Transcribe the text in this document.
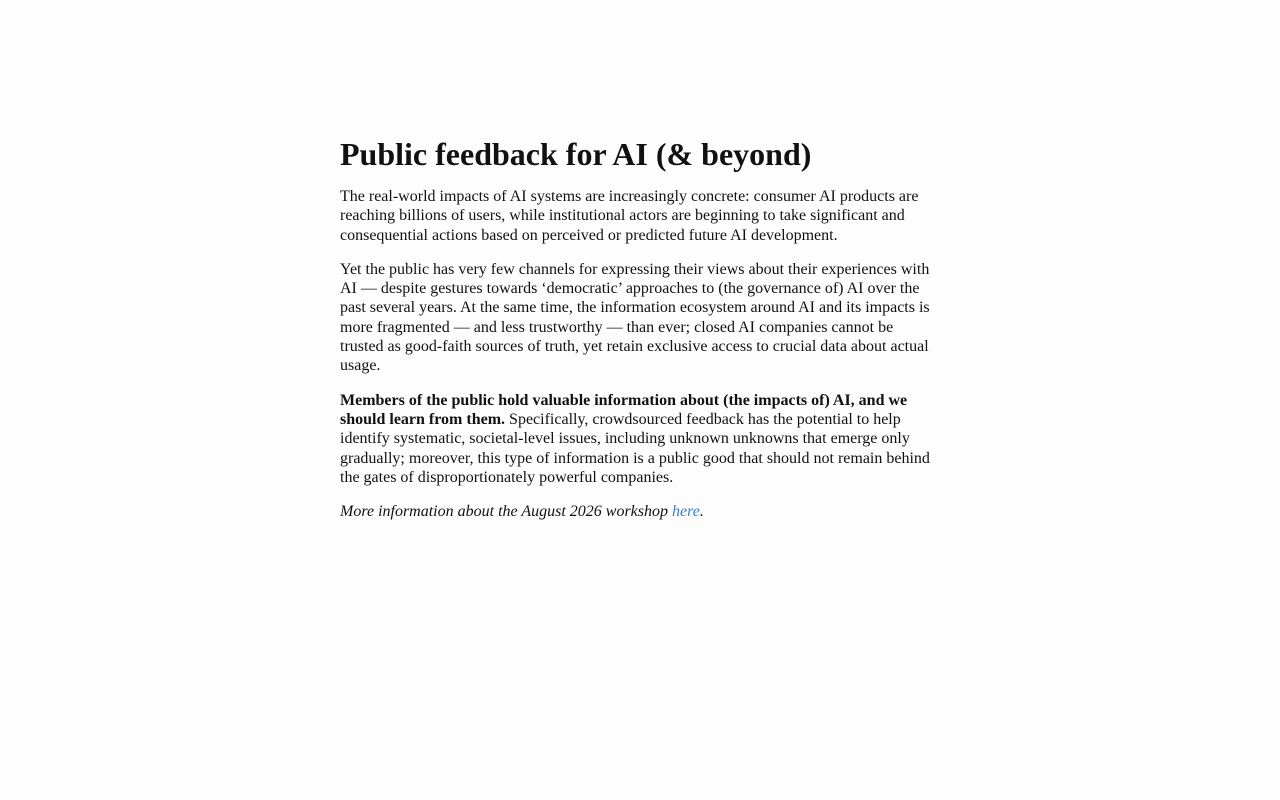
Public feedback for AI (& beyond)

The real-world impacts of AI systems are increasingly concrete: consumer AI products are reaching billions of users, while institutional actors are beginning to take significant and consequential actions based on perceived or predicted future AI development.

Yet the public has very few channels for expressing their views about their experiences with AI — despite gestures towards ‘democratic’ approaches to (the governance of) AI over the past several years. At the same time, the information ecosystem around AI and its impacts is more fragmented — and less trustworthy — than ever; closed AI companies cannot be trusted as good-faith sources of truth, yet retain exclusive access to crucial data about actual usage.

Members of the public hold valuable information about (the impacts of) AI, and we should learn from them. Specifically, crowdsourced feedback has the potential to help identify systematic, societal-level issues, including unknown unknowns that emerge only gradually; moreover, this type of information is a public good that should not remain behind the gates of disproportionately powerful companies.

More information about the August 2026 workshop here.
